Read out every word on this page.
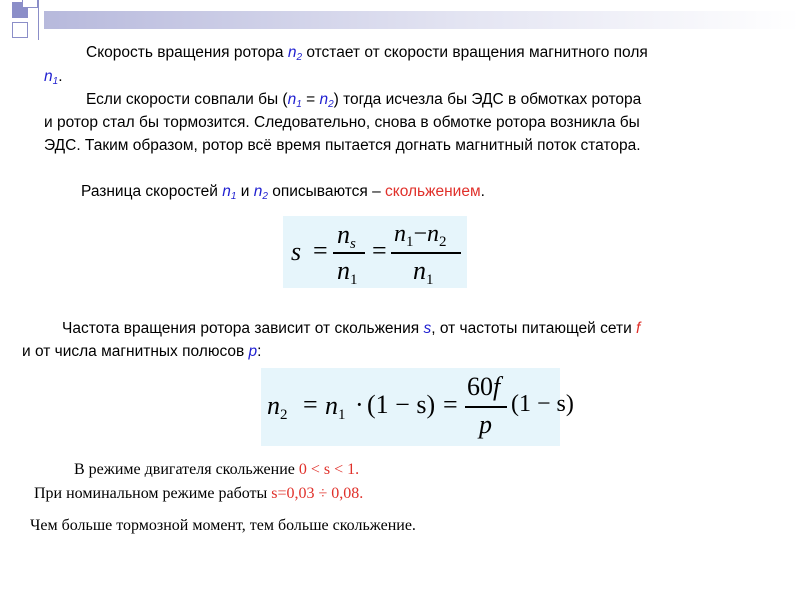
Скорость вращения ротора $n_2$ отстает от скорости вращения магнитного поля
$n_1$.
Если скорости совпали бы $(n_1 = n_2)$ тогда исчезла бы ЭДС в обмотках ротора
и ротор стал бы тормозится. Следовательно, снова в обмотке ротора возникла бы
ЭДС. Таким образом, ротор всё время пытается догнать магнитный поток статора.
Разница скоростей $n_1$ и $n_2$ описываются – скольжением.
s =
$n_s$
$n_1$
=
$n_1-n_2$
$n_1$
Частота вращения ротора зависит от скольжения s, от частоты питающей сети f
и от числа магнитных полюсов p:
$n_2 = n_1 \cdot (1 - s)$ =
60f
p
(1 − s)
В режиме двигателя скольжение 0 < s < 1.
При номинальном режиме работы s=0,03 ÷ 0,08.
Чем больше тормозной момент, тем больше скольжение.
